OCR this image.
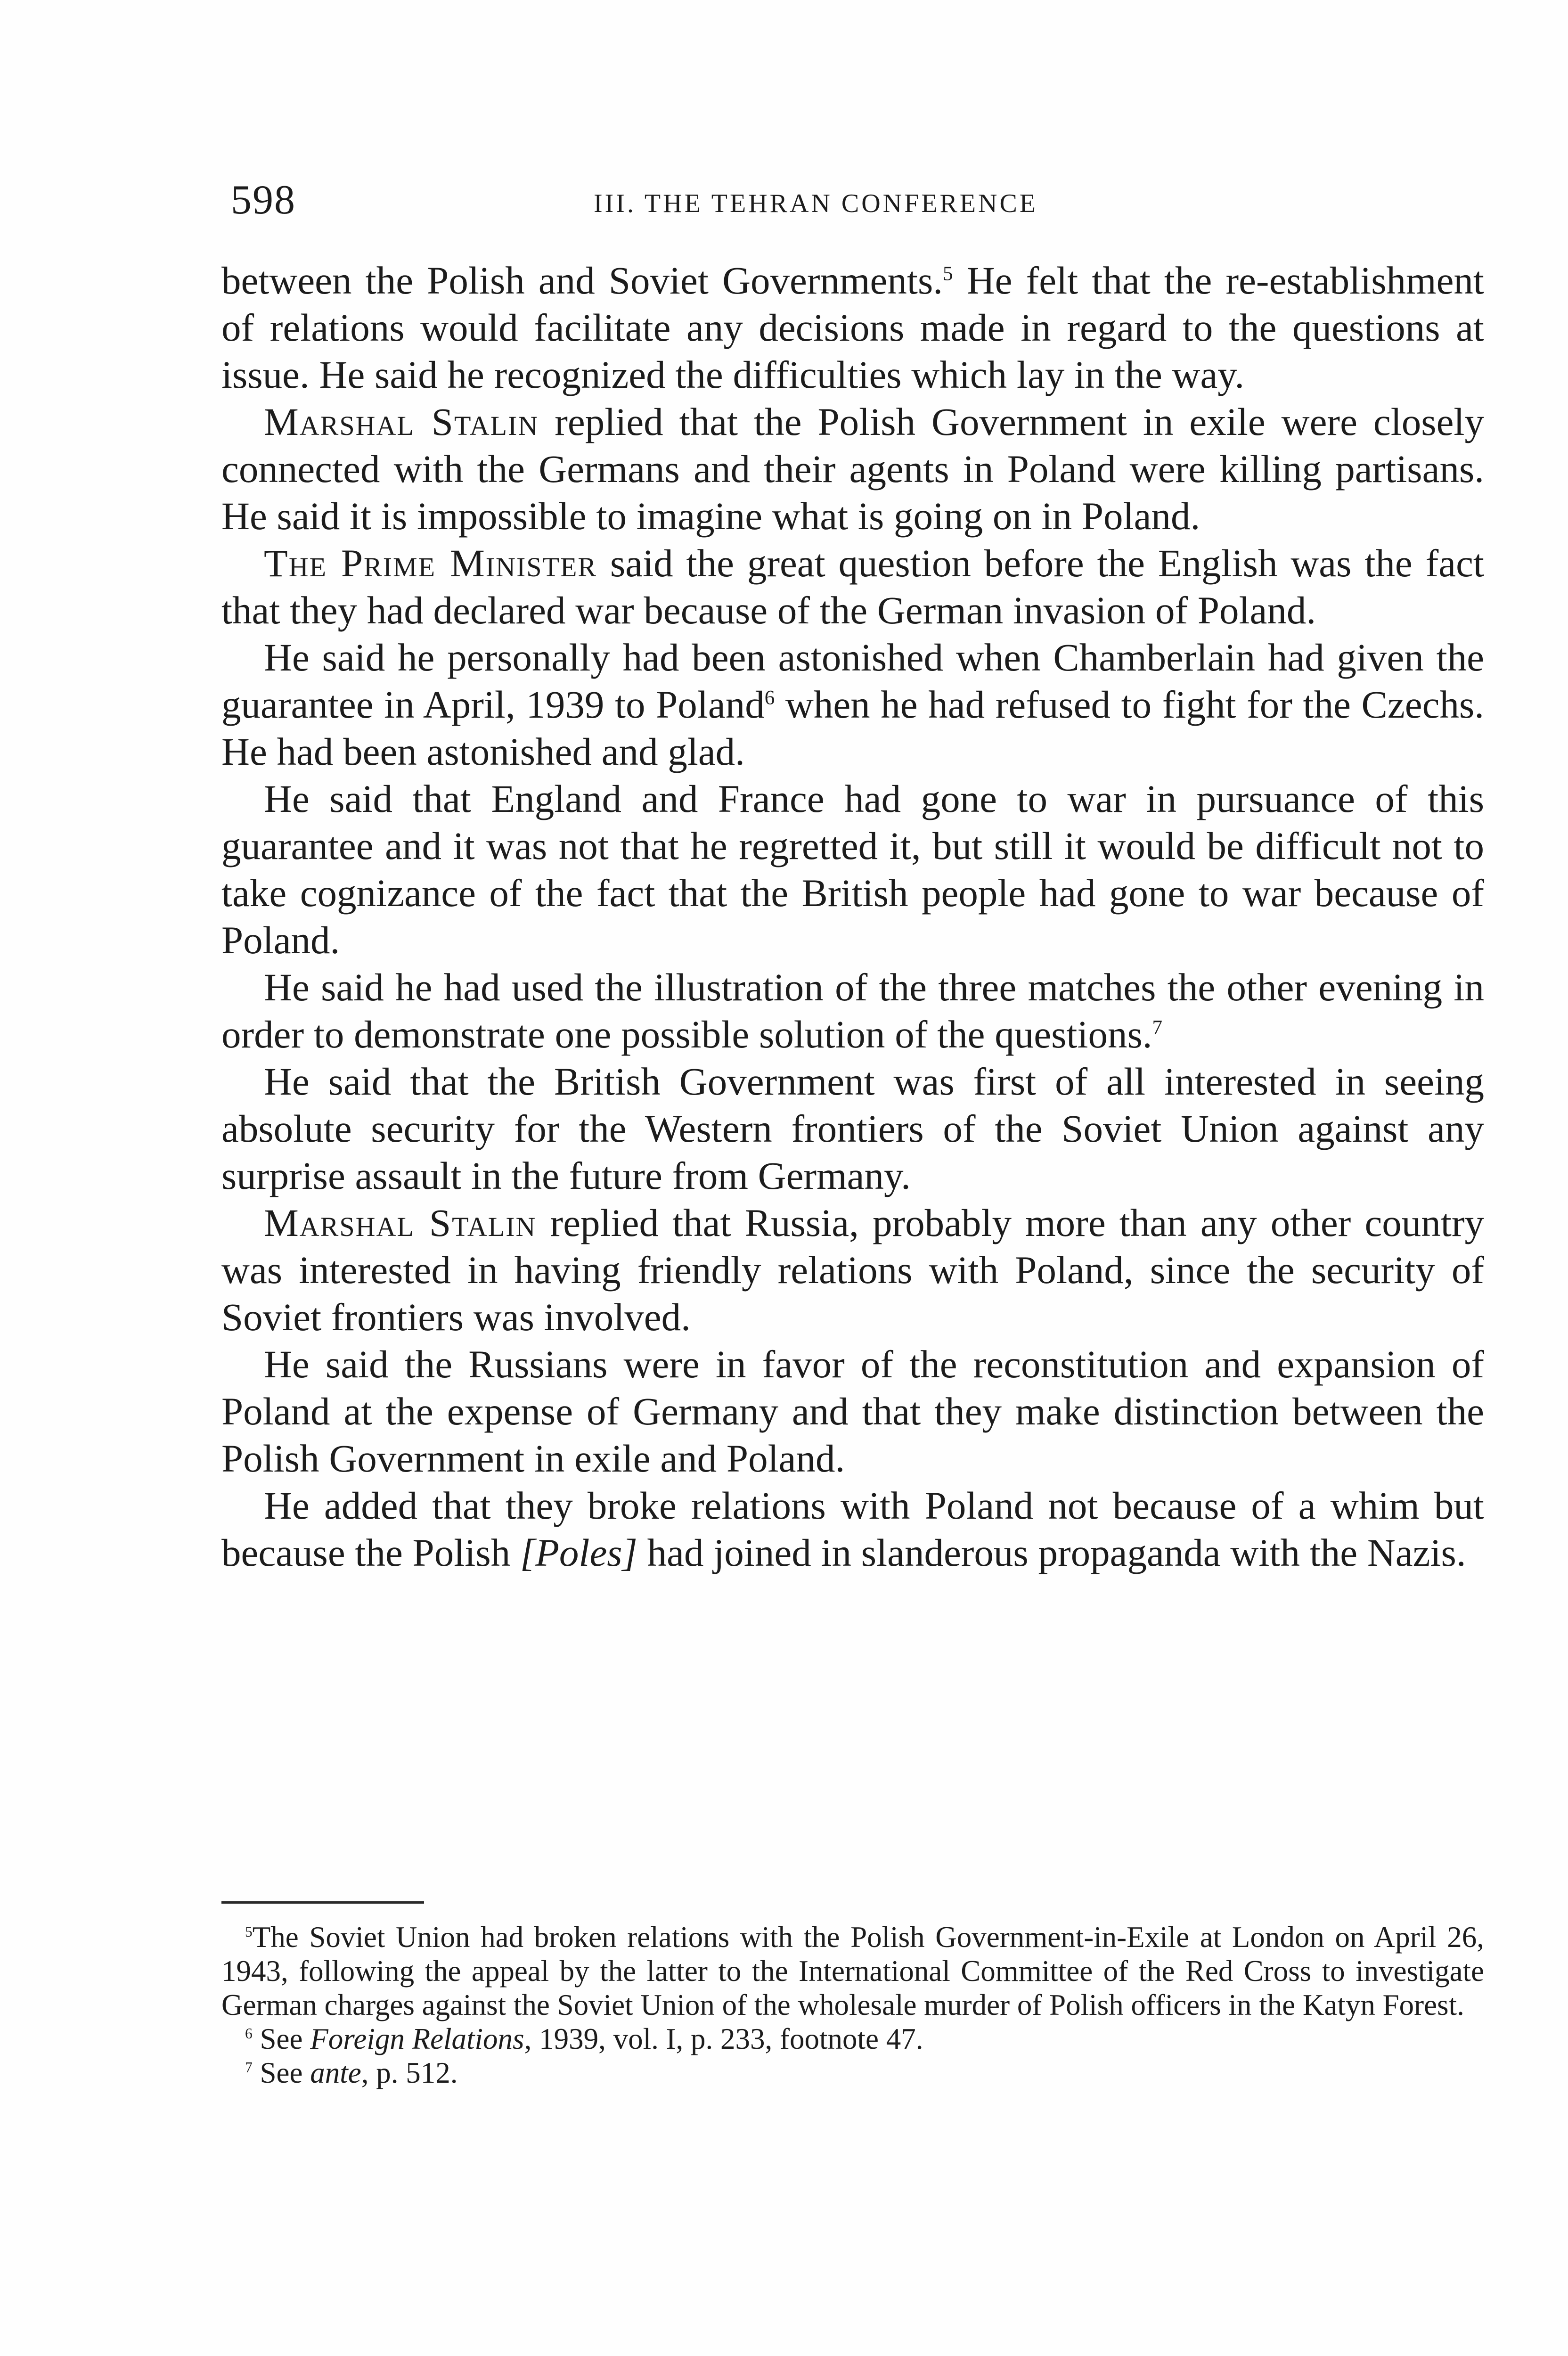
598	III. THE TEHRAN CONFERENCE

between the Polish and Soviet Governments.$^5$ He felt that the re-establishment of relations would facilitate any decisions made in regard to the questions at issue. He said he recognized the difficulties which lay in the way.

Marshal Stalin replied that the Polish Government in exile were closely connected with the Germans and their agents in Poland were killing partisans. He said it is impossible to imagine what is going on in Poland.

The Prime Minister said the great question before the English was the fact that they had declared war because of the German invasion of Poland.

He said he personally had been astonished when Chamberlain had given the guarantee in April, 1939 to Poland$^6$ when he had refused to fight for the Czechs. He had been astonished and glad.

He said that England and France had gone to war in pursuance of this guarantee and it was not that he regretted it, but still it would be difficult not to take cognizance of the fact that the British people had gone to war because of Poland.

He said he had used the illustration of the three matches the other evening in order to demonstrate one possible solution of the questions.$^7$

He said that the British Government was first of all interested in seeing absolute security for the Western frontiers of the Soviet Union against any surprise assault in the future from Germany.

Marshal Stalin replied that Russia, probably more than any other country was interested in having friendly relations with Poland, since the security of Soviet frontiers was involved.

He said the Russians were in favor of the reconstitution and expansion of Poland at the expense of Germany and that they make distinction between the Polish Government in exile and Poland.

He added that they broke relations with Poland not because of a whim but because the Polish [Poles] had joined in slanderous propaganda with the Nazis.

$^5$The Soviet Union had broken relations with the Polish Government-in-Exile at London on April 26, 1943, following the appeal by the latter to the International Committee of the Red Cross to investigate German charges against the Soviet Union of the wholesale murder of Polish officers in the Katyn Forest.

$^6$ See Foreign Relations, 1939, vol. I, p. 233, footnote 47.

$^7$ See ante, p. 512.
